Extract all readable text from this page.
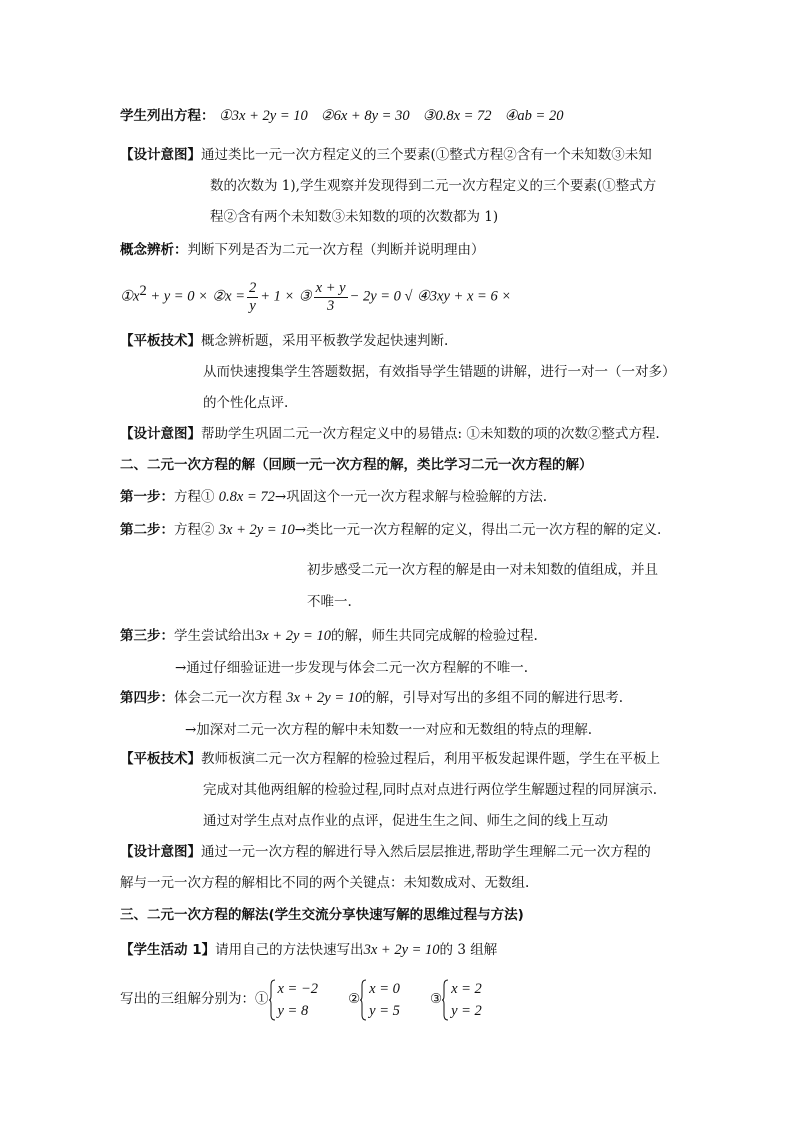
学生列出方程： ①3x + 2y = 10 ②6x + 8y = 30 ③0.8x = 72 ④ab = 20
【设计意图】通过类比一元一次方程定义的三个要素(①整式方程②含有一个未知数③未知
数的次数为 1),学生观察并发现得到二元一次方程定义的三个要素(①整式方
程②含有两个未知数③未知数的项的次数都为 1)
概念辨析：判断下列是否为二元一次方程（判断并说明理由）
$①x^2 + y = 0$ × ②x = $\frac{2}{y} + 1$ × ③ $\frac{x + y}{3} - 2y = 0$ √ ④3xy + x = 6 ×
【平板技术】概念辨析题，采用平板教学发起快速判断.
从而快速搜集学生答题数据，有效指导学生错题的讲解，进行一对一（一对多）
的个性化点评.
【设计意图】帮助学生巩固二元一次方程定义中的易错点: ①未知数的项的次数②整式方程.
二、二元一次方程的解（回顾一元一次方程的解，类比学习二元一次方程的解）
第一步：方程① 0.8x = 72→巩固这个一元一次方程求解与检验解的方法.
第二步：方程② 3x + 2y = 10→类比一元一次方程解的定义，得出二元一次方程的解的定义.
初步感受二元一次方程的解是由一对未知数的值组成，并且
不唯一.
第三步：学生尝试给出3x + 2y = 10的解，师生共同完成解的检验过程.
→通过仔细验证进一步发现与体会二元一次方程解的不唯一.
第四步：体会二元一次方程 3x + 2y = 10的解，引导对写出的多组不同的解进行思考.
→加深对二元一次方程的解中未知数一一对应和无数组的特点的理解.
【平板技术】教师板演二元一次方程解的检验过程后，利用平板发起课件题，学生在平板上
完成对其他两组解的检验过程,同时点对点进行两位学生解题过程的同屏演示.
通过对学生点对点作业的点评，促进生生之间、师生之间的线上互动
【设计意图】通过一元一次方程的解进行导入然后层层推进,帮助学生理解二元一次方程的
解与一元一次方程的解相比不同的两个关键点：未知数成对、无数组.
三、二元一次方程的解法(学生交流分享快速写解的思维过程与方法)
【学生活动 1】请用自己的方法快速写出3x + 2y = 10的 3 组解
写出的三组解分别为：①
x = −2
y = 8
②
x = 0
y = 5
③
x = 2
y = 2
